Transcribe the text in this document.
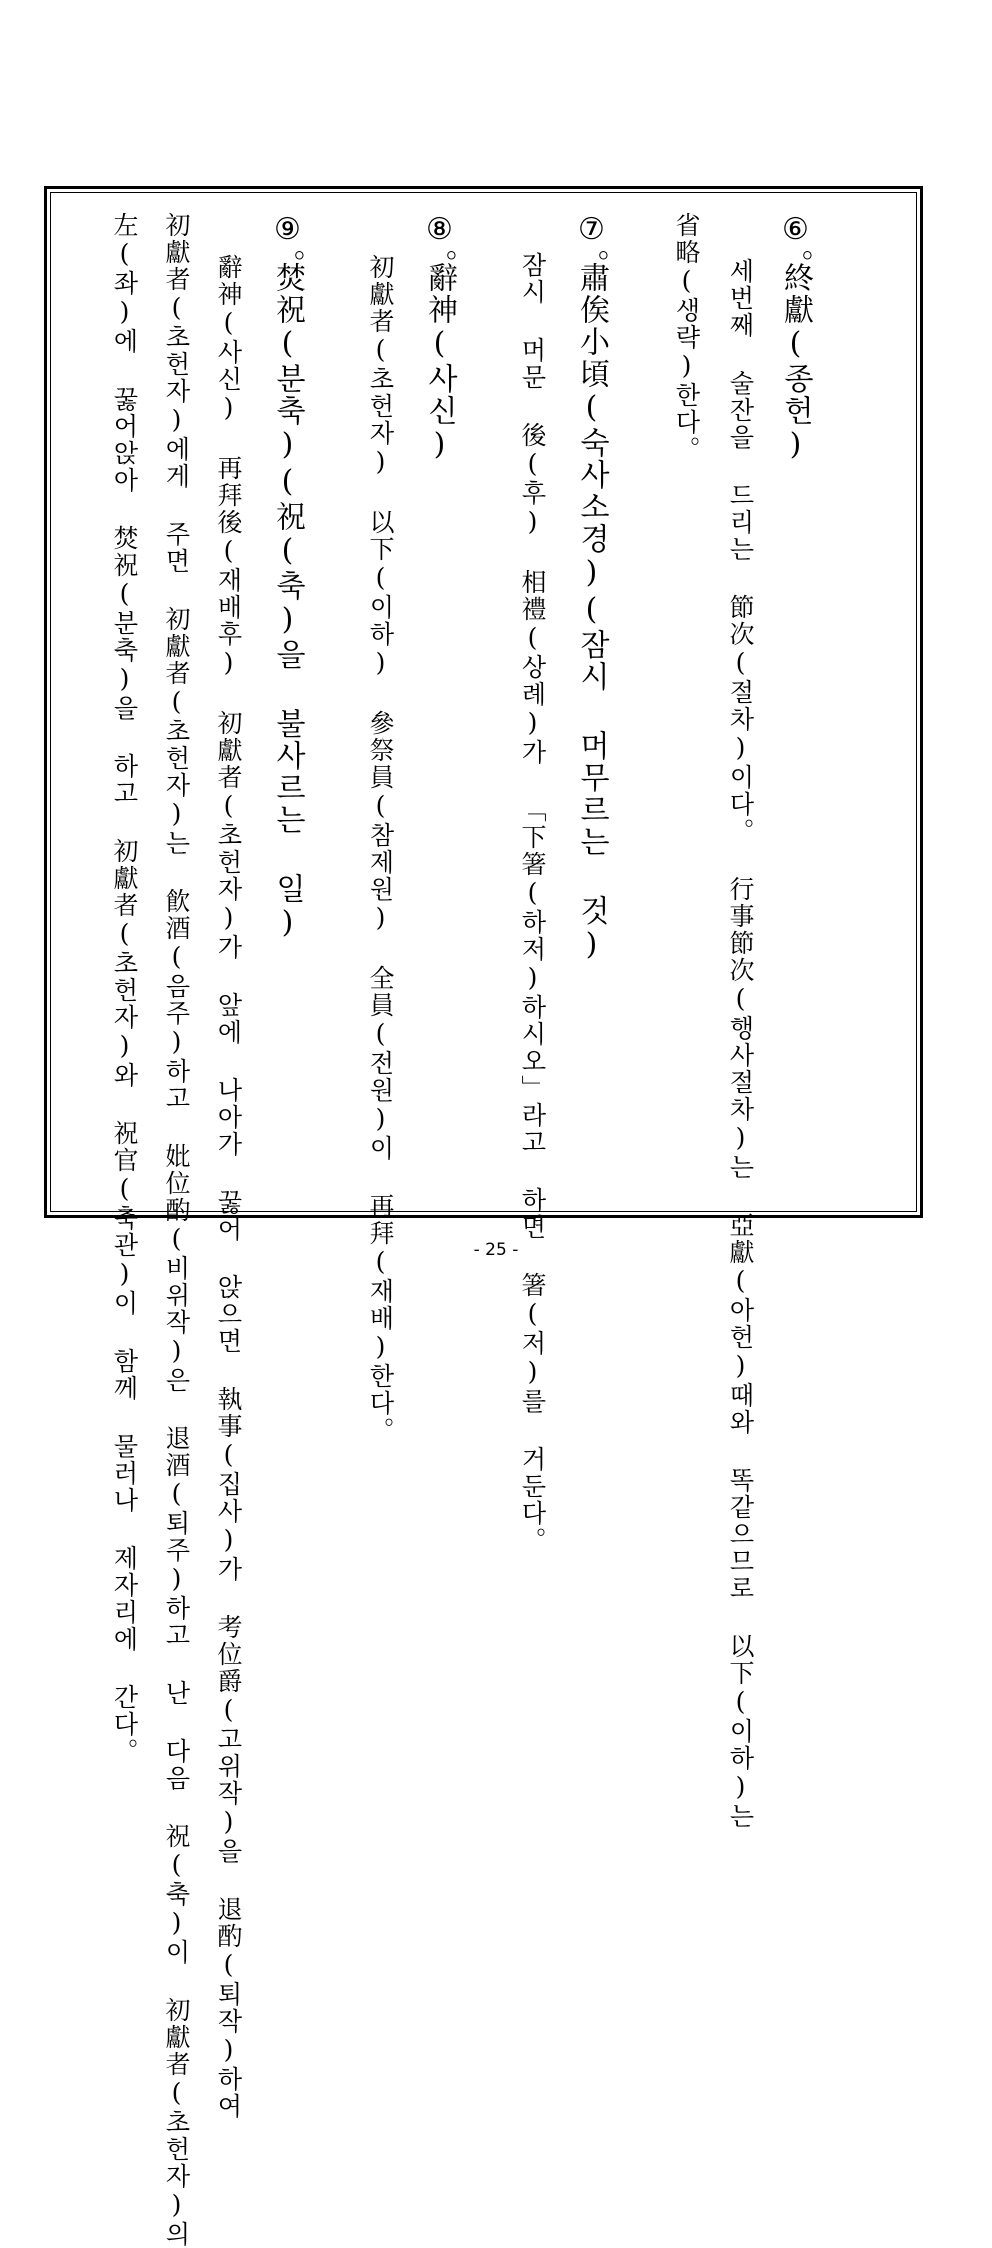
⑥。
終獻(종헌)
세번째 술잔을 드리는 節次(절차)이다。 行事節次(행사절차)는 亞獻(아헌)때와 똑같으므로 以下(이하)는
省略(생략)한다。
⑦。
肅俟小頃(숙사소경)(잠시 머무르는 것)
잠시 머문 後(후) 相禮(상례)가 「下箸(하저)하시오」라고 하면 箸(저)를 거둔다。
⑧。
辭神(사신)
初獻者(초헌자) 以下(이하) 參祭員(참제원) 全員(전원)이 再拜(재배)한다。
⑨。
焚祝(분축)(祝(축)을 불사르는 일)
辭神(사신) 再拜後(재배후) 初獻者(초헌자)가 앞에 나아가 꿇어 앉으면 執事(집사)가 考位爵(고위작)을 退酌(퇴작)하여
初獻者(초헌자)에게 주면 初獻者(초헌자)는 飮酒(음주)하고 妣位酌(비위작)은 退酒(퇴주)하고 난 다음 祝(축)이 初獻者(초헌자)의
左(좌)에 꿇어앉아 焚祝(분축)을 하고 初獻者(초헌자)와 祝官(축관)이 함께 물러나 제자리에 간다。	- 25 -
